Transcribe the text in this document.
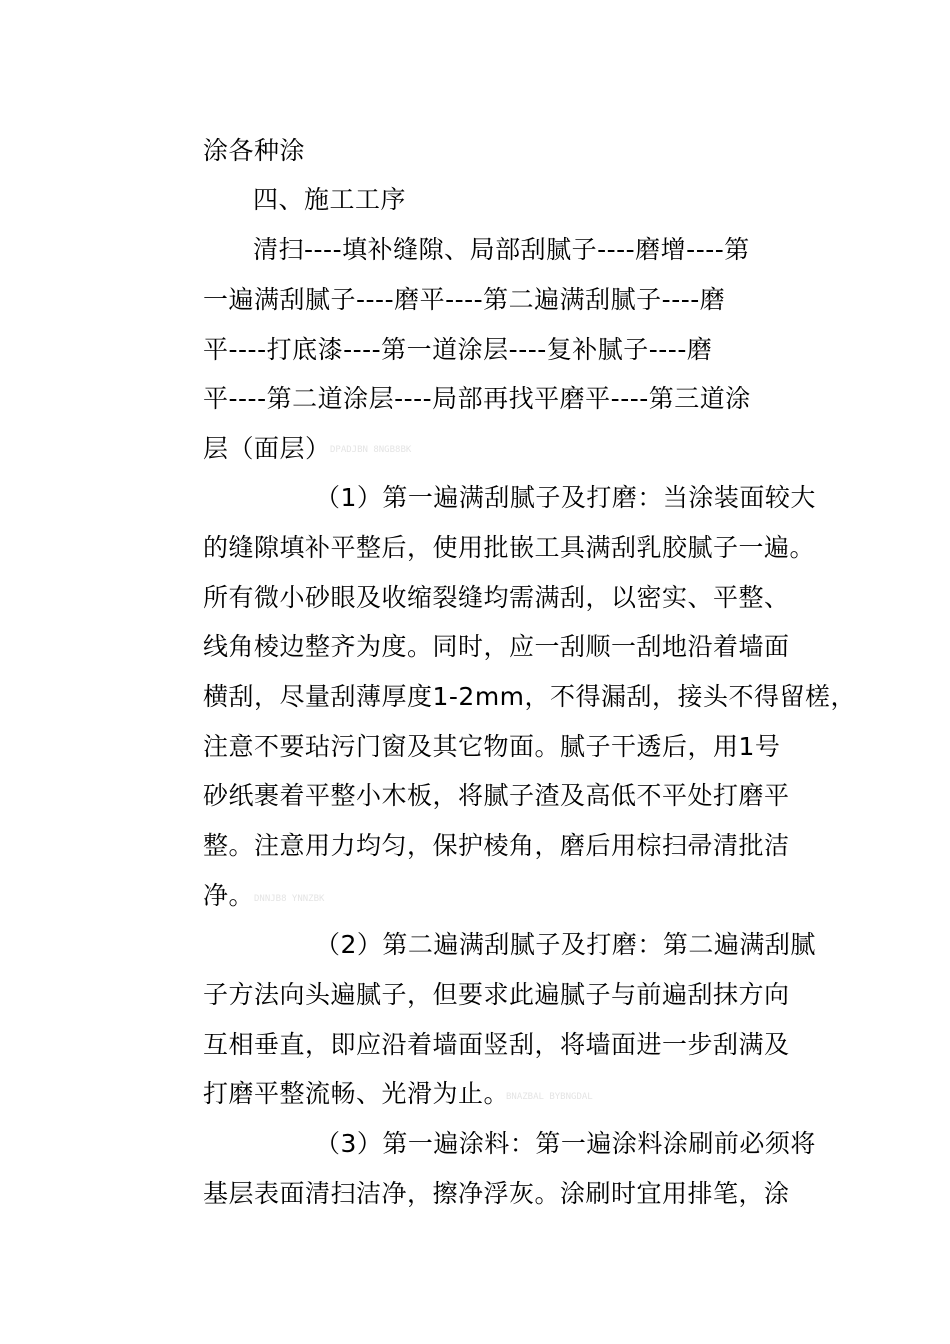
涂各种涂
四、施工工序
清扫----填补缝隙、局部刮腻子----磨增----第
一遍满刮腻子----磨平----第二遍满刮腻子----磨
平----打底漆----第一道涂层----复补腻子----磨
平----第二道涂层----局部再找平磨平----第三道涂
层（面层） DPADJBN 8NGB8BK
（1）第一遍满刮腻子及打磨：当涂装面较大
的缝隙填补平整后，使用批嵌工具满刮乳胶腻子一遍。
所有微小砂眼及收缩裂缝均需满刮，以密实、平整、
线角棱边整齐为度。同时，应一刮顺一刮地沿着墙面
横刮，尽量刮薄厚度1-2mm，不得漏刮，接头不得留槎，
注意不要玷污门窗及其它物面。腻子干透后，用1号
砂纸裹着平整小木板，将腻子渣及高低不平处打磨平
整。注意用力均匀，保护棱角，磨后用棕扫帚清批洁
净。 DNNJB8 YNNZBK
（2）第二遍满刮腻子及打磨：第二遍满刮腻
子方法向头遍腻子，但要求此遍腻子与前遍刮抹方向
互相垂直，即应沿着墙面竖刮，将墙面进一步刮满及
打磨平整流畅、光滑为止。
BNAZBAL BYBNGDAL
（3）第一遍涂料：第一遍涂料涂刷前必须将
基层表面清扫洁净，擦净浮灰。涂刷时宜用排笔，涂
